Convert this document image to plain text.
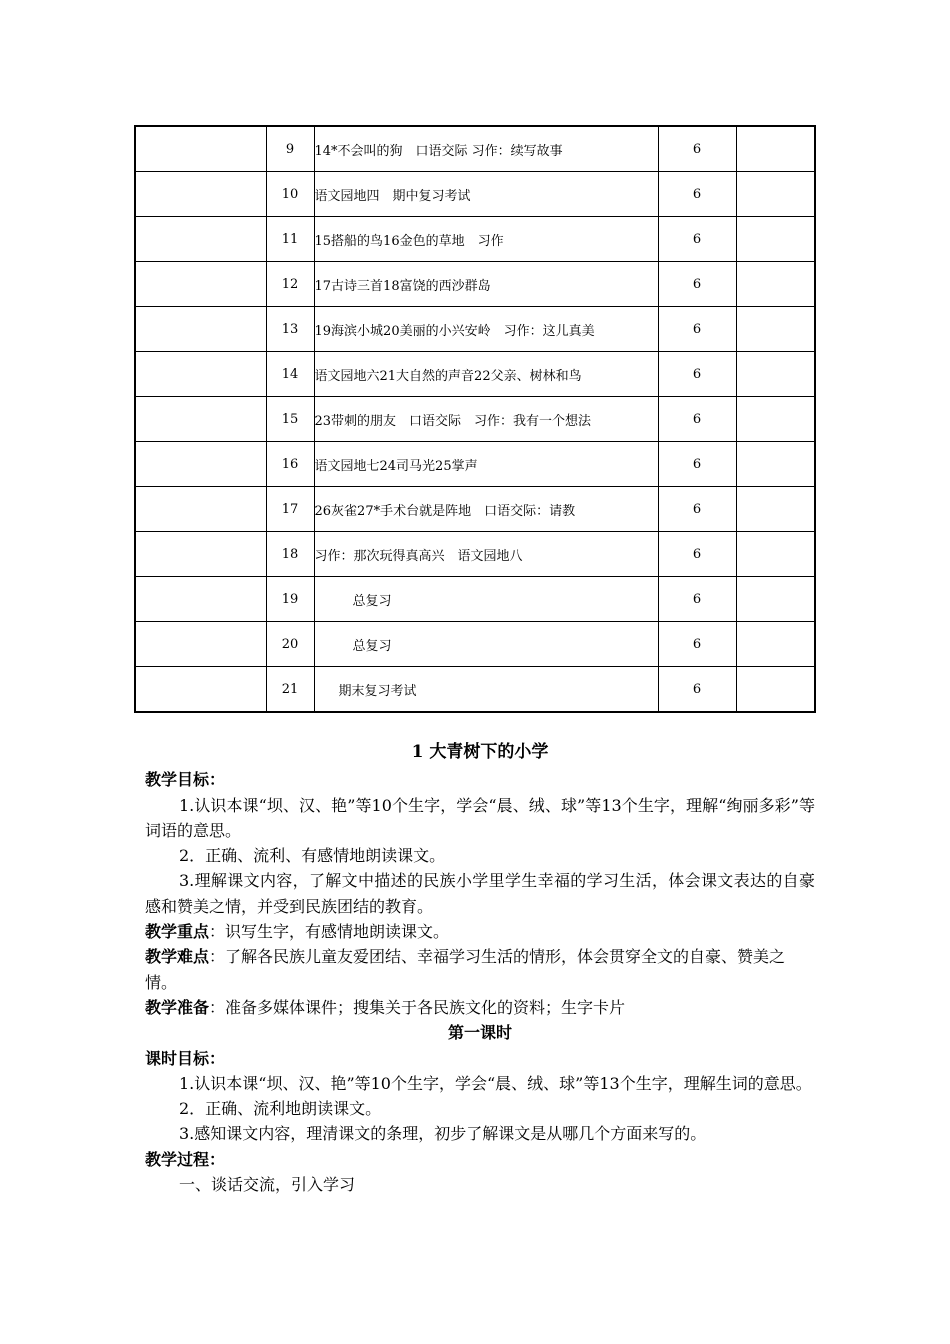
	9	14*不会叫的狗　口语交际 习作：续写故事	6	
	10	语文园地四　期中复习考试	6	
	11	15搭船的鸟16金色的草地　习作	6	
	12	17古诗三首18富饶的西沙群岛	6	
	13	19海滨小城20美丽的小兴安岭　习作：这儿真美	6	
	14	语文园地六21大自然的声音22父亲、树林和鸟	6	
	15	23带刺的朋友　口语交际　习作：我有一个想法	6	
	16	语文园地七24司马光25掌声	6	
	17	26灰雀27*手术台就是阵地　口语交际：请教	6	
	18	习作：那次玩得真高兴　语文园地八	6	
	19	总复习	6	
	20	总复习	6	
	21	期末复习考试	6	

1 大青树下的小学

教学目标：

1.认识本课“坝、汉、艳”等10个生字，学会“晨、绒、球”等13个生字，理解“绚丽多彩”等词语的意思。

2．正确、流利、有感情地朗读课文。

3.理解课文内容，了解文中描述的民族小学里学生幸福的学习生活，体会课文表达的自豪感和赞美之情，并受到民族团结的教育。

教学重点：识写生字，有感情地朗读课文。

教学难点：了解各民族儿童友爱团结、幸福学习生活的情形，体会贯穿全文的自豪、赞美之情。

教学准备：准备多媒体课件；搜集关于各民族文化的资料；生字卡片

第一课时

课时目标：

1.认识本课“坝、汉、艳”等10个生字，学会“晨、绒、球”等13个生字，理解生词的意思。

2．正确、流利地朗读课文。

3.感知课文内容，理清课文的条理，初步了解课文是从哪几个方面来写的。

教学过程：

一、谈话交流，引入学习
